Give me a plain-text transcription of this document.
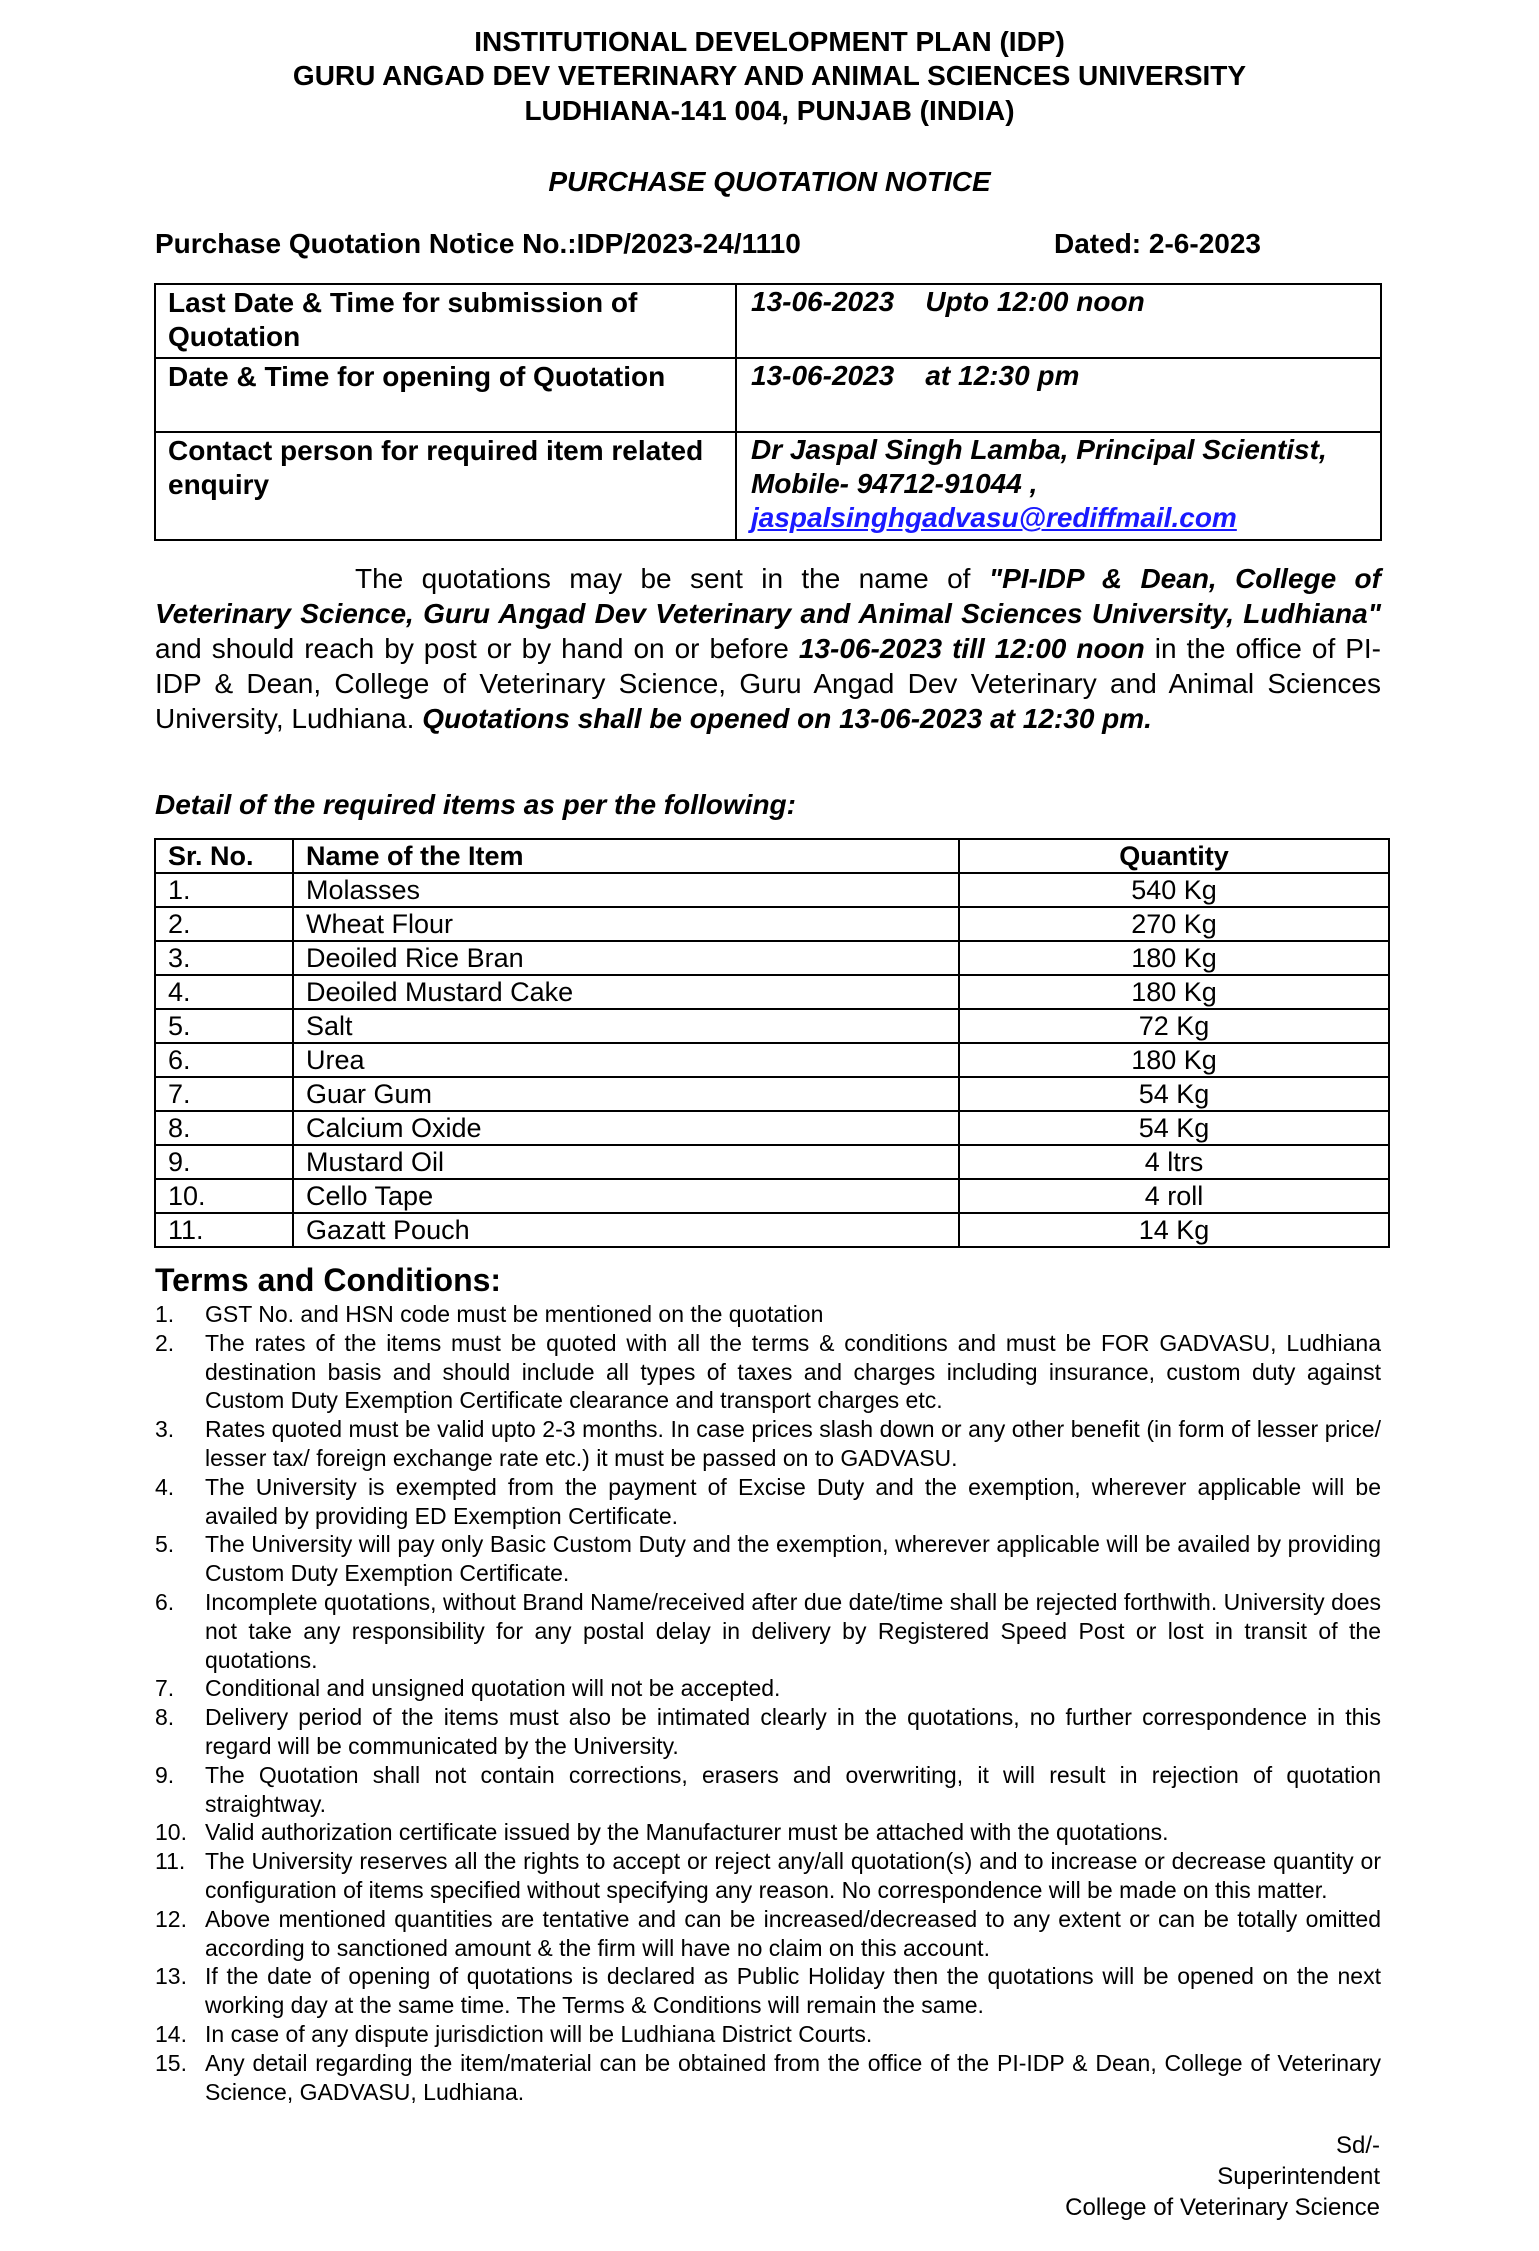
INSTITUTIONAL DEVELOPMENT PLAN (IDP)
GURU ANGAD DEV VETERINARY AND ANIMAL SCIENCES UNIVERSITY
LUDHIANA-141 004, PUNJAB (INDIA)
PURCHASE QUOTATION NOTICE
Purchase Quotation Notice No.:IDP/2023-24/1110	Dated: 2-6-2023
Last Date & Time for submission of Quotation	13-06-2023 Upto 12:00 noon
Date & Time for opening of Quotation	13-06-2023 at 12:30 pm
Contact person for required item related enquiry	Dr Jaspal Singh Lamba, Principal Scientist,
Mobile- 94712-91044 ,
jaspalsinghgadvasu@rediffmail.com
The quotations may be sent in the name of "PI-IDP & Dean, College of Veterinary Science, Guru Angad Dev Veterinary and Animal Sciences University, Ludhiana" and should reach by post or by hand on or before 13-06-2023 till 12:00 noon in the office of PI-IDP & Dean, College of Veterinary Science, Guru Angad Dev Veterinary and Animal Sciences University, Ludhiana. Quotations shall be opened on 13-06-2023 at 12:30 pm.
Detail of the required items as per the following:
Sr. No.	Name of the Item	Quantity
1.	Molasses	540 Kg
2.	Wheat Flour	270 Kg
3.	Deoiled Rice Bran	180 Kg
4.	Deoiled Mustard Cake	180 Kg
5.	Salt	72 Kg
6.	Urea	180 Kg
7.	Guar Gum	54 Kg
8.	Calcium Oxide	54 Kg
9.	Mustard Oil	4 ltrs
10.	Cello Tape	4 roll
11.	Gazatt Pouch	14 Kg
Terms and Conditions:
1.	GST No. and HSN code must be mentioned on the quotation
2.	The rates of the items must be quoted with all the terms & conditions and must be FOR GADVASU, Ludhiana destination basis and should include all types of taxes and charges including insurance, custom duty against Custom Duty Exemption Certificate clearance and transport charges etc.
3.	Rates quoted must be valid upto 2-3 months. In case prices slash down or any other benefit (in form of lesser price/ lesser tax/ foreign exchange rate etc.) it must be passed on to GADVASU.
4.	The University is exempted from the payment of Excise Duty and the exemption, wherever applicable will be availed by providing ED Exemption Certificate.
5.	The University will pay only Basic Custom Duty and the exemption, wherever applicable will be availed by providing Custom Duty Exemption Certificate.
6.	Incomplete quotations, without Brand Name/received after due date/time shall be rejected forthwith. University does not take any responsibility for any postal delay in delivery by Registered Speed Post or lost in transit of the quotations.
7.	Conditional and unsigned quotation will not be accepted.
8.	Delivery period of the items must also be intimated clearly in the quotations, no further correspondence in this regard will be communicated by the University.
9.	The Quotation shall not contain corrections, erasers and overwriting, it will result in rejection of quotation straightway.
10. Valid authorization certificate issued by the Manufacturer must be attached with the quotations.
11. The University reserves all the rights to accept or reject any/all quotation(s) and to increase or decrease quantity or configuration of items specified without specifying any reason. No correspondence will be made on this matter.
12. Above mentioned quantities are tentative and can be increased/decreased to any extent or can be totally omitted according to sanctioned amount & the firm will have no claim on this account.
13. If the date of opening of quotations is declared as Public Holiday then the quotations will be opened on the next working day at the same time. The Terms & Conditions will remain the same.
14. In case of any dispute jurisdiction will be Ludhiana District Courts.
15. Any detail regarding the item/material can be obtained from the office of the PI-IDP & Dean, College of Veterinary Science, GADVASU, Ludhiana.
Sd/-
Superintendent
College of Veterinary Science
